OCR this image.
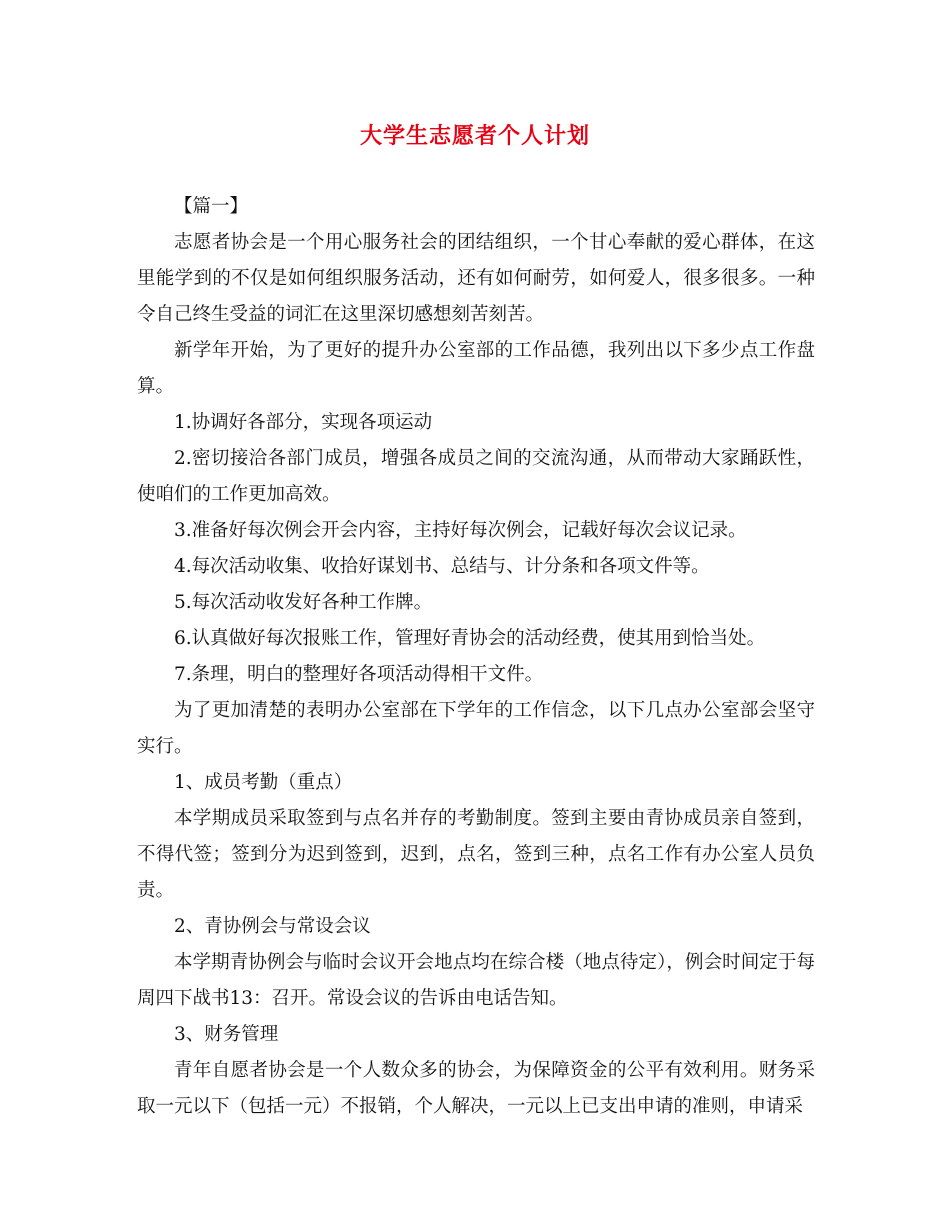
大学生志愿者个人计划

【篇一】

志愿者协会是一个用心服务社会的团结组织，一个甘心奉献的爱心群体，在这里能学到的不仅是如何组织服务活动，还有如何耐劳，如何爱人，很多很多。一种令自己终生受益的词汇在这里深切感想刻苦刻苦。

新学年开始，为了更好的提升办公室部的工作品德，我列出以下多少点工作盘算。

1.协调好各部分，实现各项运动

2.密切接洽各部门成员，增强各成员之间的交流沟通，从而带动大家踊跃性，使咱们的工作更加高效。

3.准备好每次例会开会内容，主持好每次例会，记载好每次会议记录。

4.每次活动收集、收拾好谋划书、总结与、计分条和各项文件等。

5.每次活动收发好各种工作牌。

6.认真做好每次报账工作，管理好青协会的活动经费，使其用到恰当处。

7.条理，明白的整理好各项活动得相干文件。

为了更加清楚的表明办公室部在下学年的工作信念，以下几点办公室部会坚守实行。

1、成员考勤（重点）

本学期成员采取签到与点名并存的考勤制度。签到主要由青协成员亲自签到，不得代签；签到分为迟到签到，迟到，点名，签到三种，点名工作有办公室人员负责。

2、青协例会与常设会议

本学期青协例会与临时会议开会地点均在综合楼（地点待定），例会时间定于每周四下战书13：召开。常设会议的告诉由电话告知。

3、财务管理

青年自愿者协会是一个人数众多的协会，为保障资金的公平有效利用。财务采取一元以下（包括一元）不报销，个人解决，一元以上已支出申请的准则，申请采
